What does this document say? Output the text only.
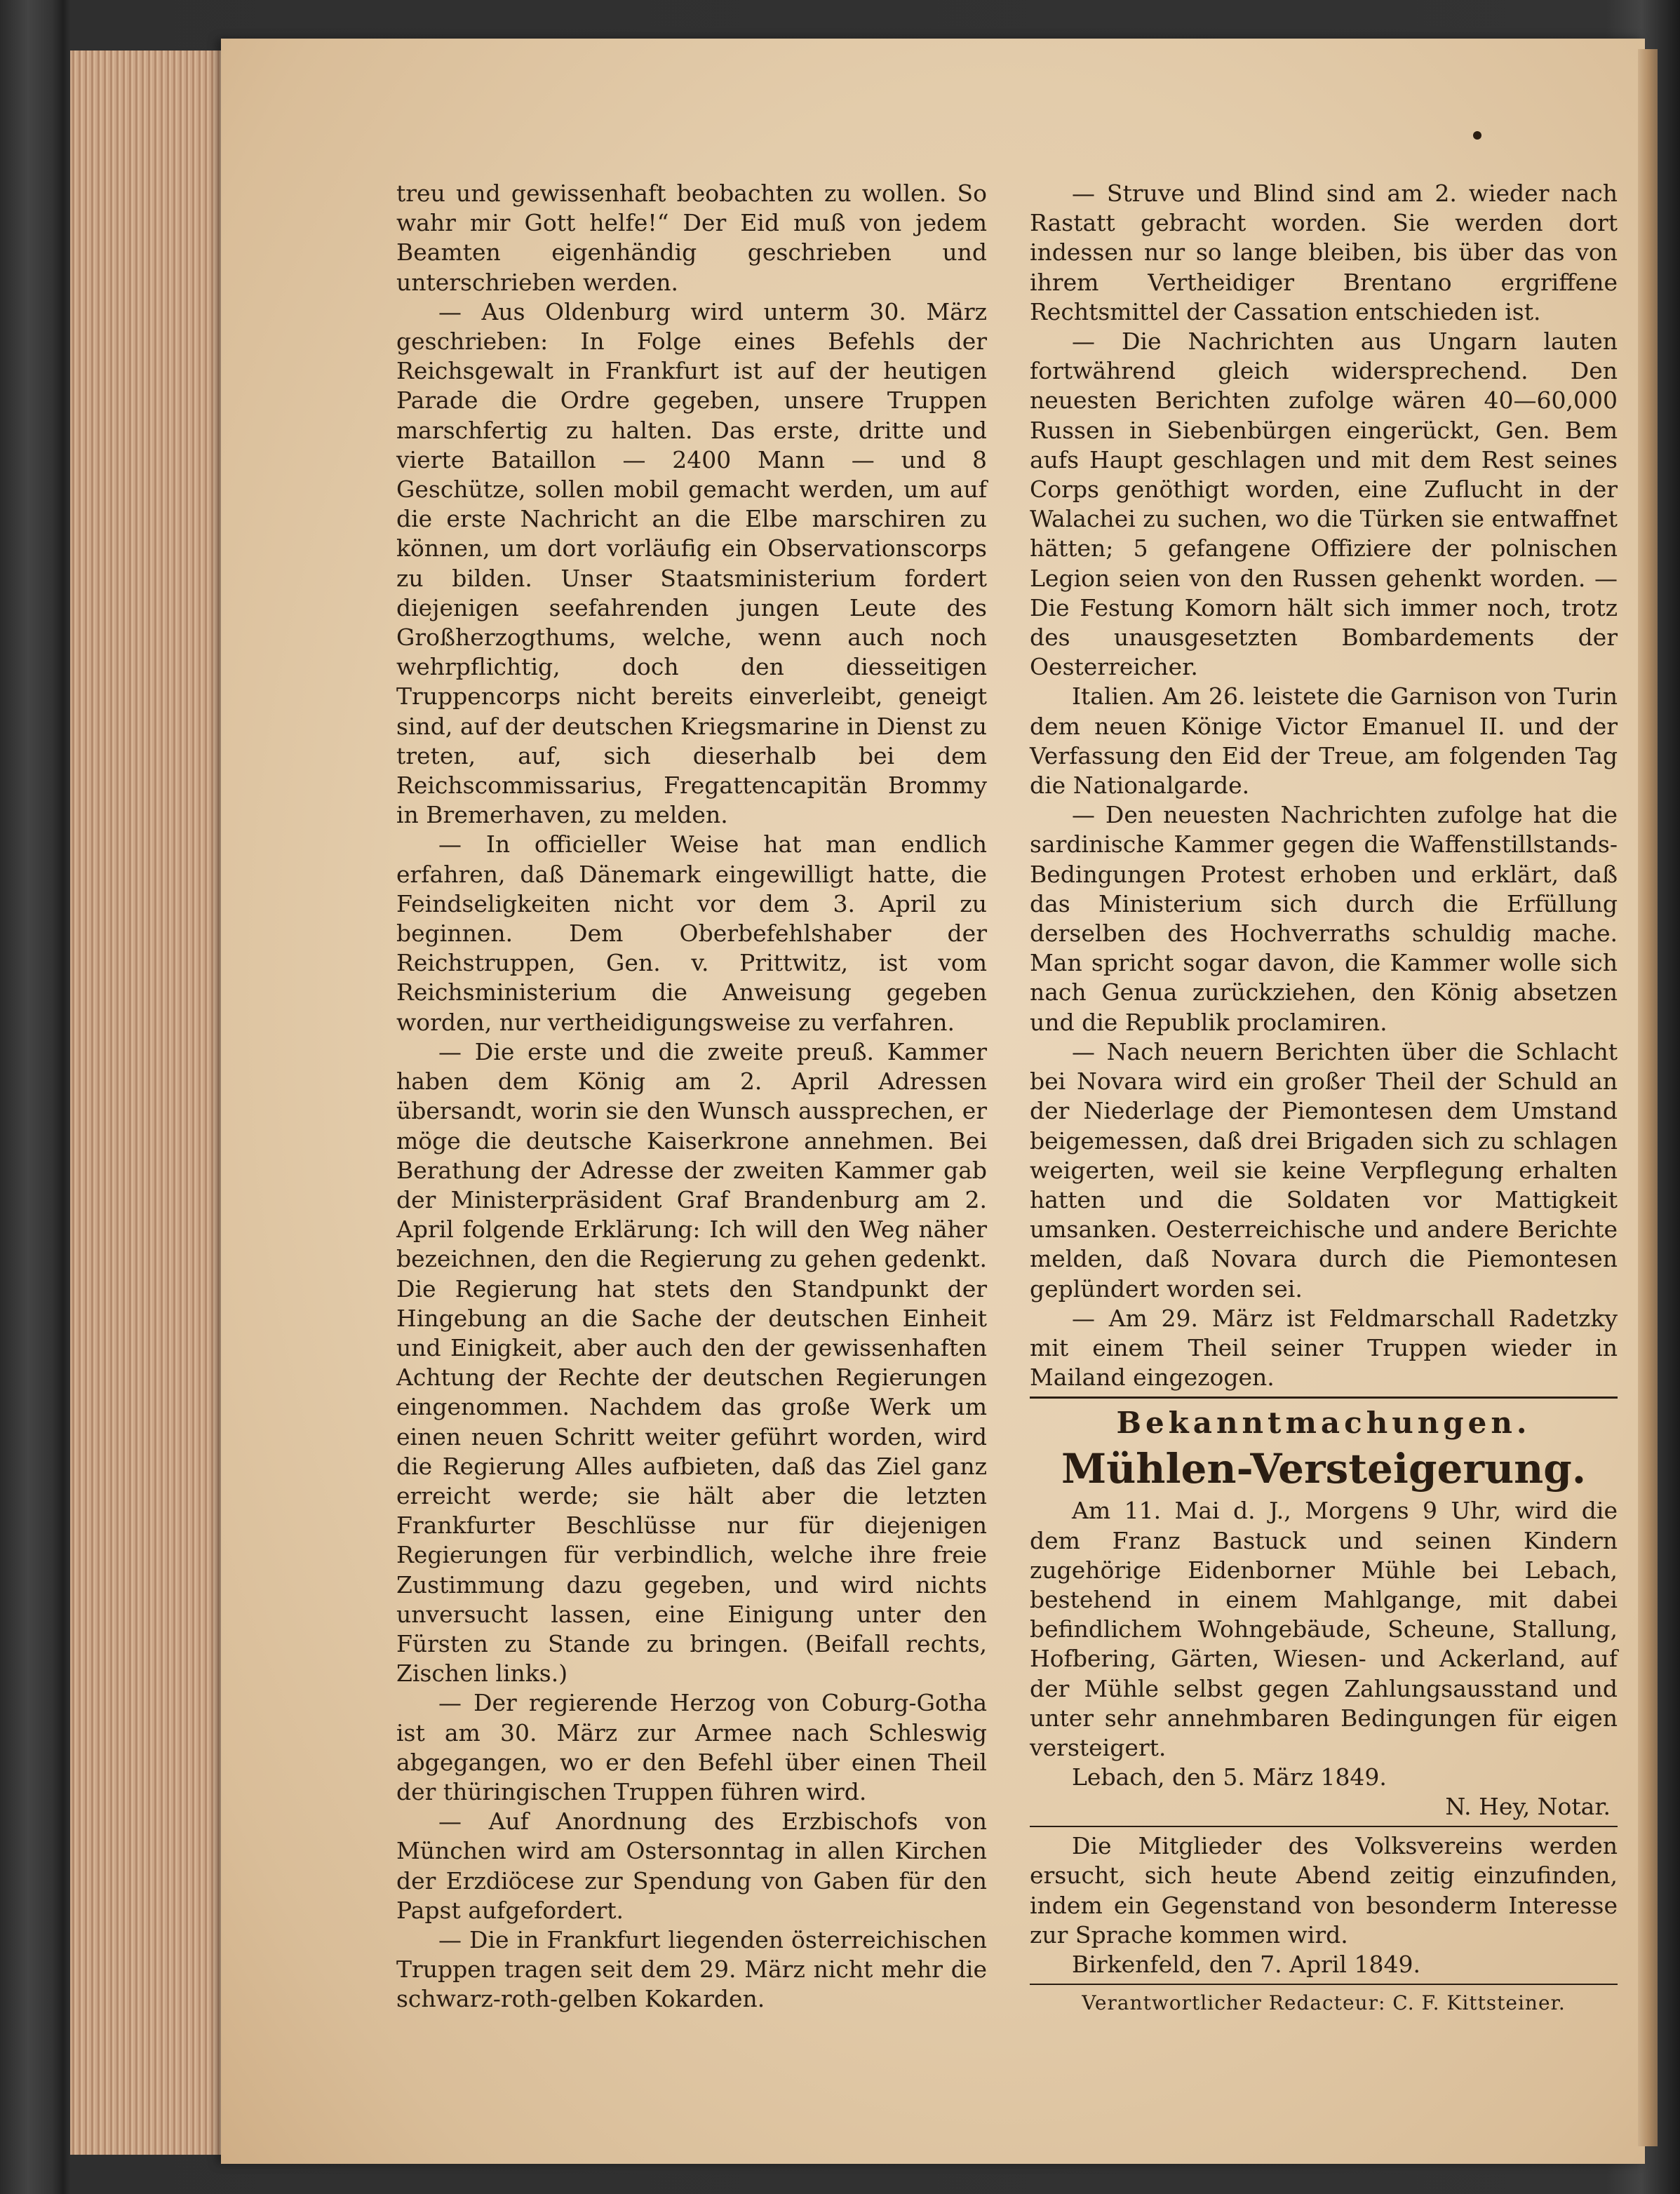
treu und gewissenhaft beobachten zu wollen. So wahr mir Gott helfe!“ Der Eid muß von jedem Beamten eigenhändig geschrieben und unterschrieben werden.

— Aus Oldenburg wird unterm 30. März geschrieben: In Folge eines Befehls der Reichsgewalt in Frankfurt ist auf der heutigen Parade die Ordre gegeben, unsere Truppen marschfertig zu halten. Das erste, dritte und vierte Bataillon — 2400 Mann — und 8 Geschütze, sollen mobil gemacht werden, um auf die erste Nachricht an die Elbe marschiren zu können, um dort vorläufig ein Observationscorps zu bilden. Unser Staatsministerium fordert diejenigen seefahrenden jungen Leute des Großherzogthums, welche, wenn auch noch wehrpflichtig, doch den diesseitigen Truppencorps nicht bereits einverleibt, geneigt sind, auf der deutschen Kriegsmarine in Dienst zu treten, auf, sich dieserhalb bei dem Reichscommissarius, Fregattencapitän Brommy in Bremerhaven, zu melden.

— In officieller Weise hat man endlich erfahren, daß Dänemark eingewilligt hatte, die Feindseligkeiten nicht vor dem 3. April zu beginnen. Dem Oberbefehlshaber der Reichstruppen, Gen. v. Prittwitz, ist vom Reichsministerium die Anweisung gegeben worden, nur vertheidigungsweise zu verfahren.

— Die erste und die zweite preuß. Kammer haben dem König am 2. April Adressen übersandt, worin sie den Wunsch aussprechen, er möge die deutsche Kaiserkrone annehmen. Bei Berathung der Adresse der zweiten Kammer gab der Ministerpräsident Graf Brandenburg am 2. April folgende Erklärung: Ich will den Weg näher bezeichnen, den die Regierung zu gehen gedenkt. Die Regierung hat stets den Standpunkt der Hingebung an die Sache der deutschen Einheit und Einigkeit, aber auch den der gewissenhaften Achtung der Rechte der deutschen Regierungen eingenommen. Nachdem das große Werk um einen neuen Schritt weiter geführt worden, wird die Regierung Alles aufbieten, daß das Ziel ganz erreicht werde; sie hält aber die letzten Frankfurter Beschlüsse nur für diejenigen Regierungen für verbindlich, welche ihre freie Zustimmung dazu gegeben, und wird nichts unversucht lassen, eine Einigung unter den Fürsten zu Stande zu bringen. (Beifall rechts, Zischen links.)

— Der regierende Herzog von Coburg-Gotha ist am 30. März zur Armee nach Schleswig abgegangen, wo er den Befehl über einen Theil der thüringischen Truppen führen wird.

— Auf Anordnung des Erzbischofs von München wird am Ostersonntag in allen Kirchen der Erzdiöcese zur Spendung von Gaben für den Papst aufgefordert.

— Die in Frankfurt liegenden österreichischen Truppen tragen seit dem 29. März nicht mehr die schwarz-roth-gelben Kokarden.

— Struve und Blind sind am 2. wieder nach Rastatt gebracht worden. Sie werden dort indessen nur so lange bleiben, bis über das von ihrem Vertheidiger Brentano ergriffene Rechtsmittel der Cassation entschieden ist.

— Die Nachrichten aus Ungarn lauten fortwährend gleich widersprechend. Den neuesten Berichten zufolge wären 40—60,000 Russen in Siebenbürgen eingerückt, Gen. Bem aufs Haupt geschlagen und mit dem Rest seines Corps genöthigt worden, eine Zuflucht in der Walachei zu suchen, wo die Türken sie entwaffnet hätten; 5 gefangene Offiziere der polnischen Legion seien von den Russen gehenkt worden. — Die Festung Komorn hält sich immer noch, trotz des unausgesetzten Bombardements der Oesterreicher.

Italien. Am 26. leistete die Garnison von Turin dem neuen Könige Victor Emanuel II. und der Verfassung den Eid der Treue, am folgenden Tag die Nationalgarde.

— Den neuesten Nachrichten zufolge hat die sardinische Kammer gegen die Waffenstillstands-Bedingungen Protest erhoben und erklärt, daß das Ministerium sich durch die Erfüllung derselben des Hochverraths schuldig mache. Man spricht sogar davon, die Kammer wolle sich nach Genua zurückziehen, den König absetzen und die Republik proclamiren.

— Nach neuern Berichten über die Schlacht bei Novara wird ein großer Theil der Schuld an der Niederlage der Piemontesen dem Umstand beigemessen, daß drei Brigaden sich zu schlagen weigerten, weil sie keine Verpflegung erhalten hatten und die Soldaten vor Mattigkeit umsanken. Oesterreichische und andere Berichte melden, daß Novara durch die Piemontesen geplündert worden sei.

— Am 29. März ist Feldmarschall Radetzky mit einem Theil seiner Truppen wieder in Mailand eingezogen.

Bekanntmachungen.
Mühlen-Versteigerung.

Am 11. Mai d. J., Morgens 9 Uhr, wird die dem Franz Bastuck und seinen Kindern zugehörige Eidenborner Mühle bei Lebach, bestehend in einem Mahlgange, mit dabei befindlichem Wohngebäude, Scheune, Stallung, Hofbering, Gärten, Wiesen- und Ackerland, auf der Mühle selbst gegen Zahlungsausstand und unter sehr annehmbaren Bedingungen für eigen versteigert.

Lebach, den 5. März 1849.
N. Hey, Notar.

Die Mitglieder des Volksvereins werden ersucht, sich heute Abend zeitig einzufinden, indem ein Gegenstand von besonderm Interesse zur Sprache kommen wird.

Birkenfeld, den 7. April 1849.
Verantwortlicher Redacteur: C. F. Kittsteiner.
